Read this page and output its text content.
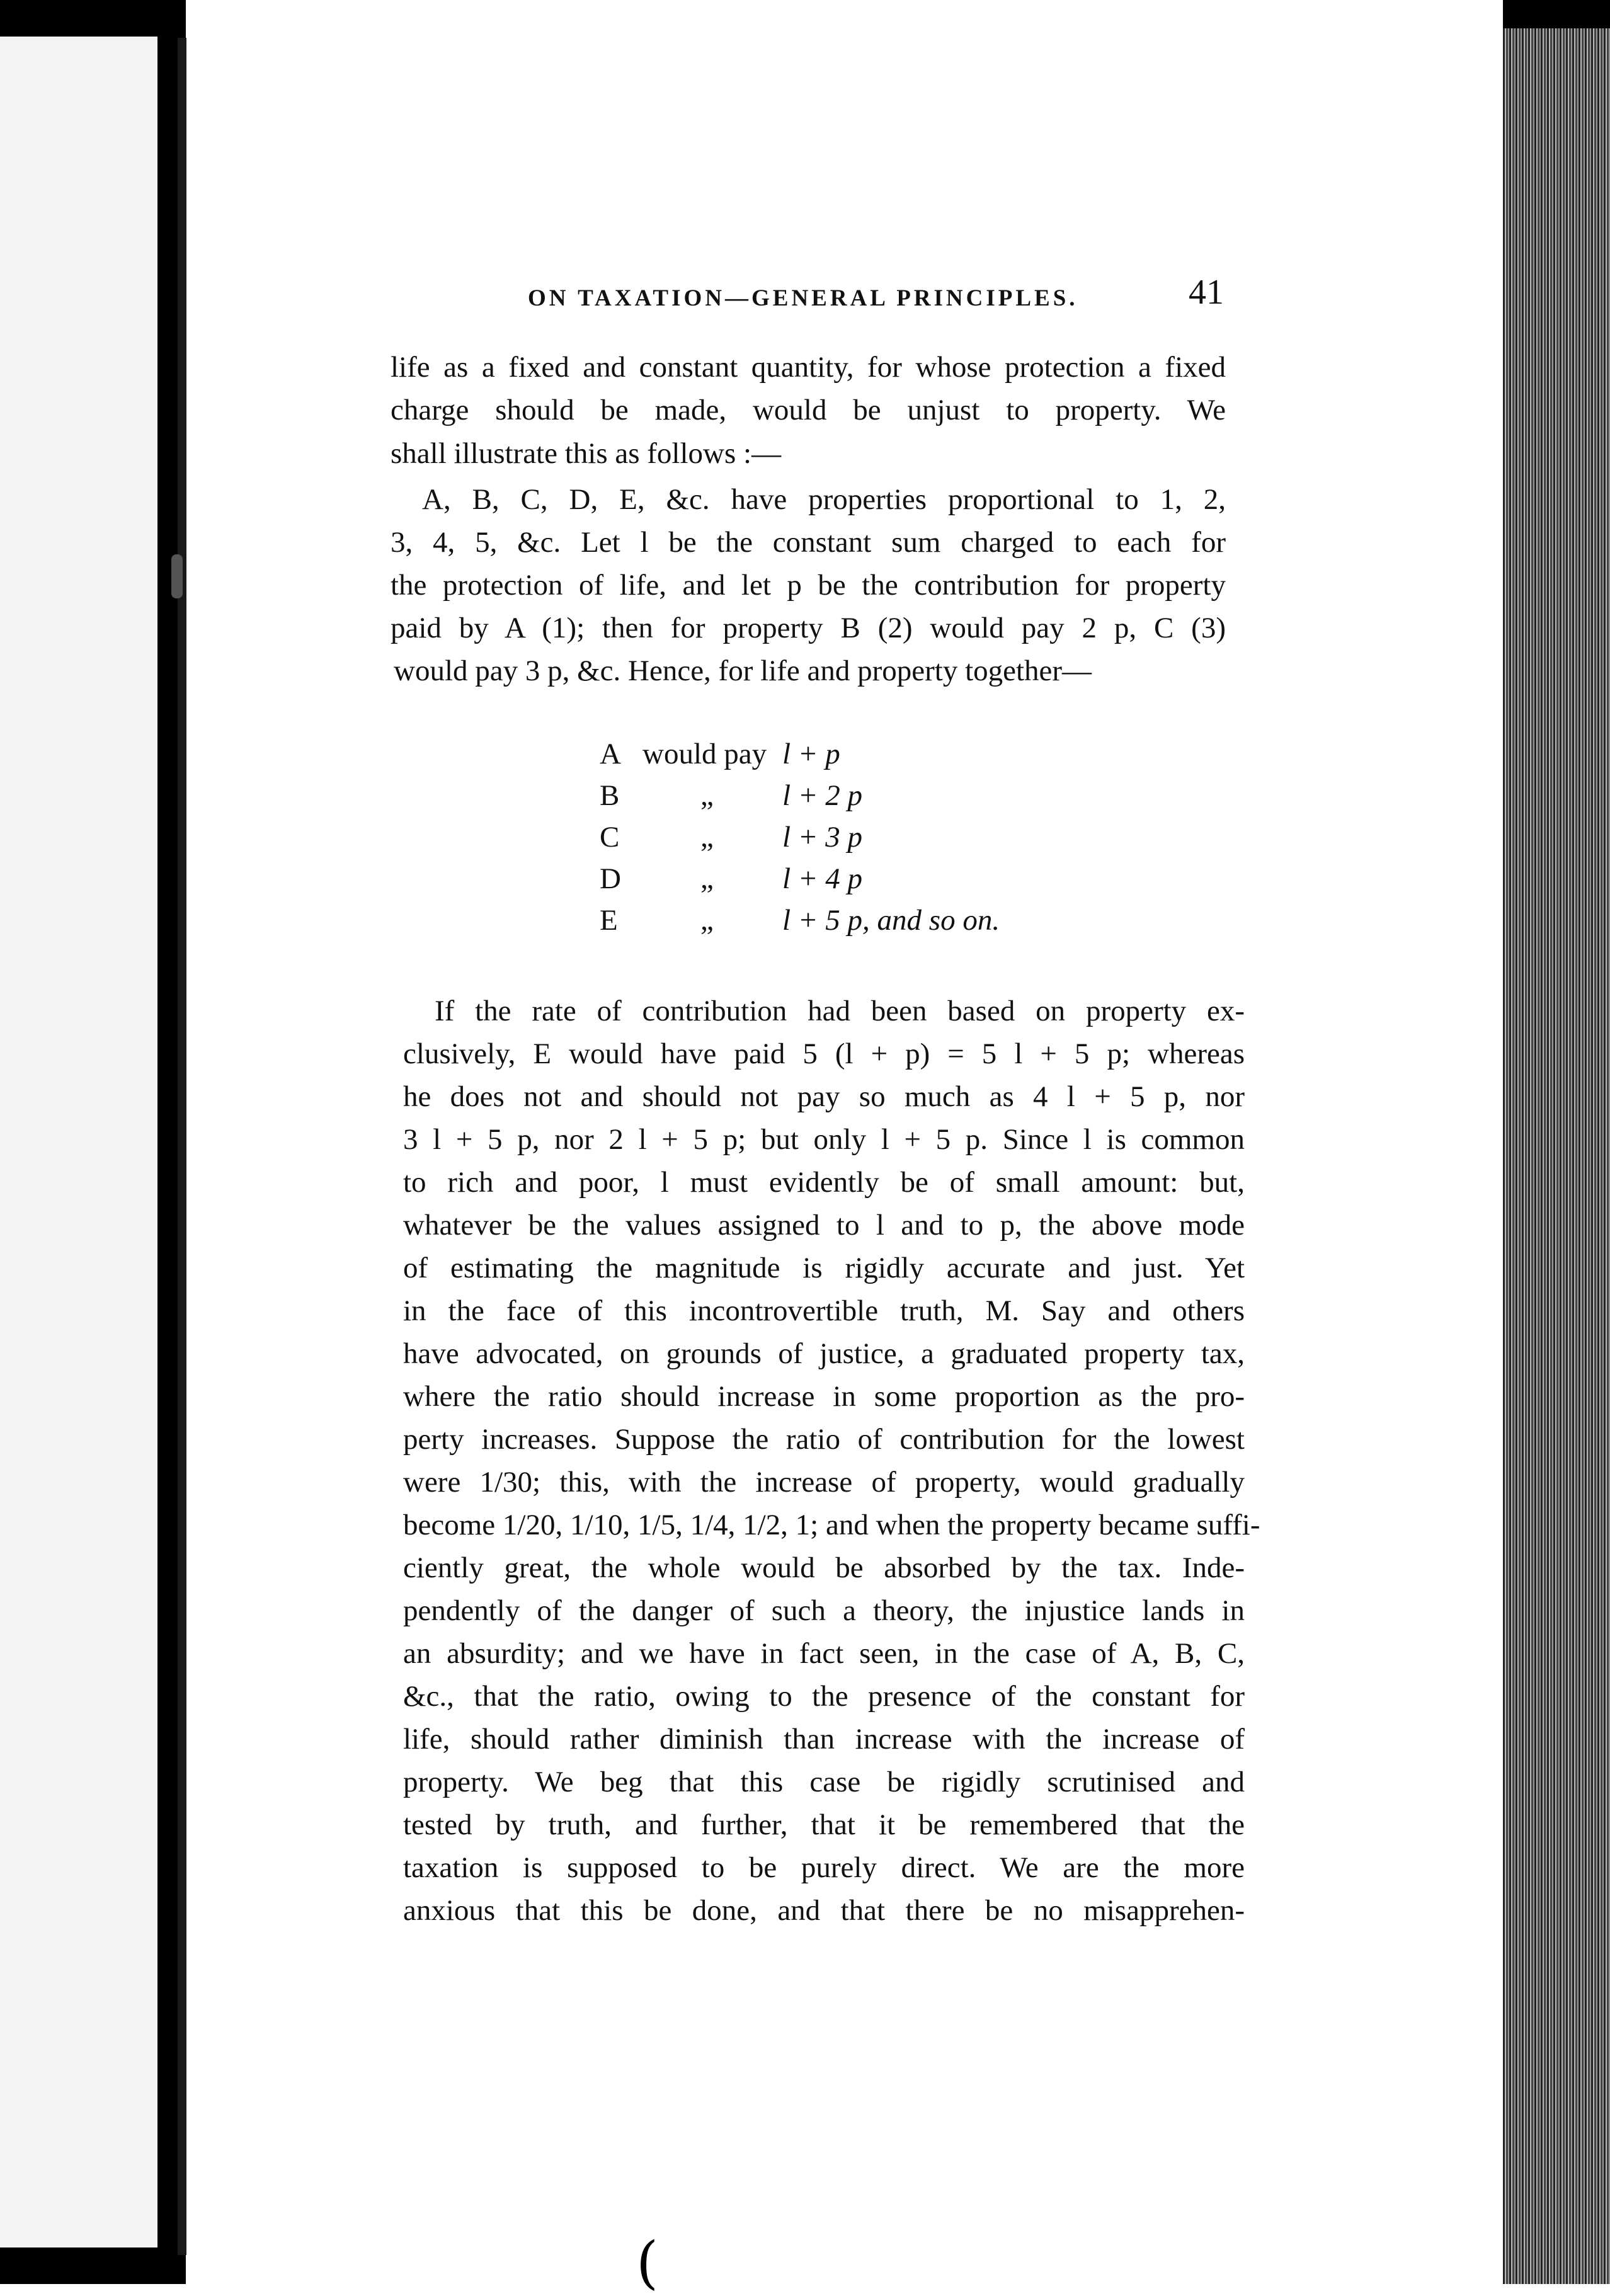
(
ON TAXATION—GENERAL PRINCIPLES.	41
life as a fixed and constant quantity, for whose protection a fixed
charge should be made, would be unjust to property. We
shall illustrate this as follows :—
A, B, C, D, E, &c. have properties proportional to 1, 2,
3, 4, 5, &c. Let l be the constant sum charged to each for
the protection of life, and let p be the contribution for property
paid by A (1); then for property B (2) would pay 2 p, C (3)
would pay 3 p, &c. Hence, for life and property together—
A would pay l + p
B	„ l + 2 p
C	„ l + 3 p
D	„ l + 4 p
E	„ l + 5 p, and so on.
If the rate of contribution had been based on property ex-
clusively, E would have paid 5 (l + p) = 5 l + 5 p; whereas
he does not and should not pay so much as 4 l + 5 p, nor
3 l + 5 p, nor 2 l + 5 p; but only l + 5 p. Since l is common
to rich and poor, l must evidently be of small amount: but,
whatever be the values assigned to l and to p, the above mode
of estimating the magnitude is rigidly accurate and just. Yet
in the face of this incontrovertible truth, M. Say and others
have advocated, on grounds of justice, a graduated property tax,
where the ratio should increase in some proportion as the pro-
perty increases. Suppose the ratio of contribution for the lowest
were 1/30; this, with the increase of property, would gradually
become 1/20, 1/10, 1/5, 1/4, 1/2, 1; and when the property became suffi-
ciently great, the whole would be absorbed by the tax. Inde-
pendently of the danger of such a theory, the injustice lands in
an absurdity; and we have in fact seen, in the case of A, B, C,
&c., that the ratio, owing to the presence of the constant for
life, should rather diminish than increase with the increase of
property. We beg that this case be rigidly scrutinised and
tested by truth, and further, that it be remembered that the
taxation is supposed to be purely direct. We are the more
anxious that this be done, and that there be no misapprehen-
